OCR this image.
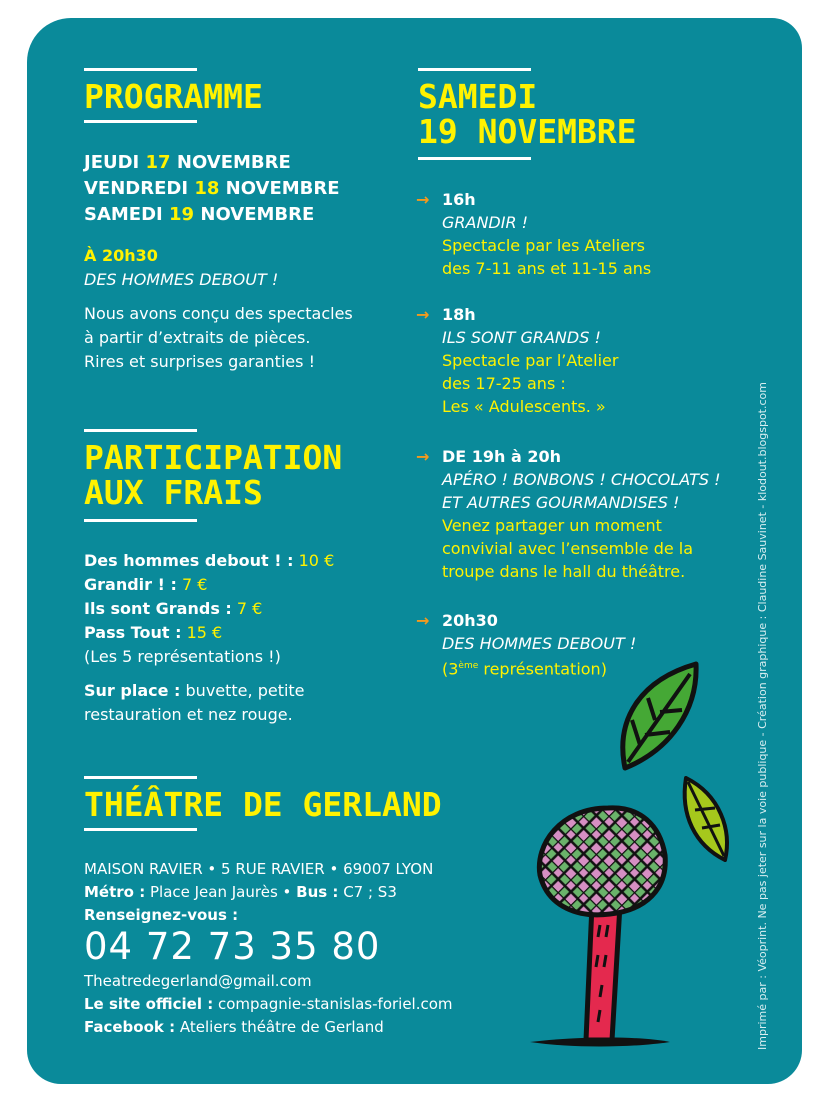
PROGRAMME
JEUDI 17 NOVEMBRE
VENDREDI 18 NOVEMBRE
SAMEDI 19 NOVEMBRE
À 20h30
DES HOMMES DEBOUT !
Nous avons conçu des spectacles
à partir d’extraits de pièces.
Rires et surprises garanties !
PARTICIPATION
AUX FRAIS
Des hommes debout ! : 10 €
Grandir ! : 7 €
Ils sont Grands : 7 €
Pass Tout : 15 €
(Les 5 représentations !)
Sur place : buvette, petite
restauration et nez rouge.
SAMEDI
19 NOVEMBRE
→ 16h
GRANDIR !
Spectacle par les Ateliers
des 7-11 ans et 11-15 ans
→ 18h
ILS SONT GRANDS !
Spectacle par l’Atelier
des 17-25 ans :
Les « Adulescents. »
→ DE 19h à 20h
APÉRO ! BONBONS ! CHOCOLATS !
ET AUTRES GOURMANDISES !
Venez partager un moment
convivial avec l’ensemble de la
troupe dans le hall du théâtre.
→ 20h30
DES HOMMES DEBOUT !
(3ème représentation)
THÉÂTRE DE GERLAND
MAISON RAVIER • 5 RUE RAVIER • 69007 LYON
Métro : Place Jean Jaurès • Bus : C7 ; S3
Renseignez-vous :
04 72 73 35 80
Theatredegerland@gmail.com
Le site officiel : compagnie-stanislas-foriel.com
Facebook : Ateliers théâtre de Gerland	Imprimé par : Véoprint. Ne pas jeter sur la voie publique - Création graphique : Claudine Sauvinet - klodout.blogspot.com
